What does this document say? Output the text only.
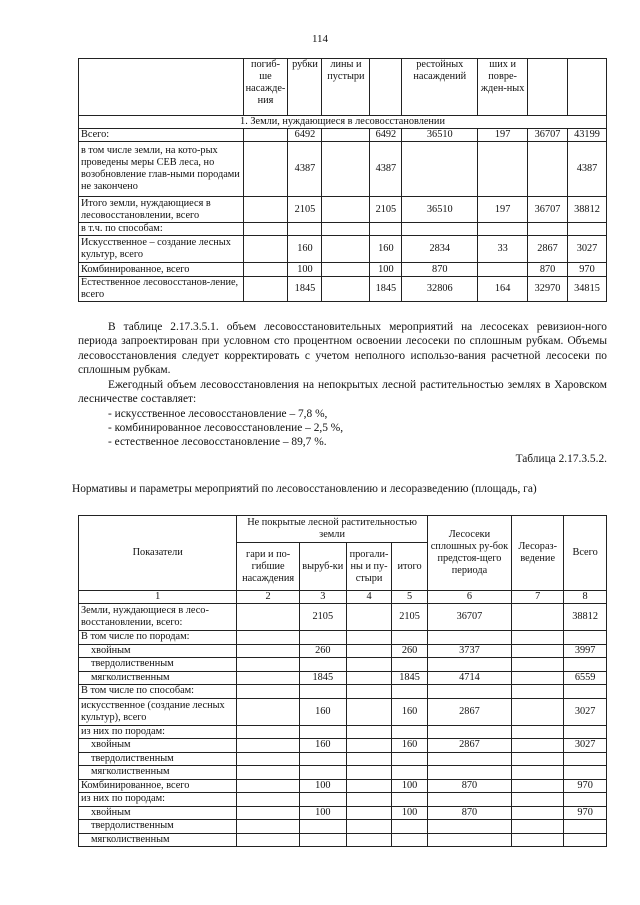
114
	погиб-ше насажде-ния	рубки	лины и пустыри		рестойных насаждений	ших и повре-жден-ных		
1. Земли, нуждающиеся в лесовосстановлении								
Всего:		6492		6492	36510	197	36707	43199
в том числе земли, на кото-рых проведены меры СЕВ леса, но возобновление глав-ными породами не закончено		4387		4387				4387
Итого земли, нуждающиеся в лесовосстановлении, всего		2105		2105	36510	197	36707	38812
в т.ч. по способам:								
Искусственное – создание лесных культур, всего		160		160	2834	33	2867	3027
Комбинированное, всего		100		100	870		870	970
Естественное лесовосстанов-ление, всего		1845		1845	32806	164	32970	34815
В таблице 2.17.3.5.1. объем лесовосстановительных мероприятий на лесосеках ревизион-ного периода запроектирован при условном сто процентном освоении лесосеки по сплошным рубкам. Объемы лесовосстановления следует корректировать с учетом неполного использо-вания расчетной лесосеки по сплошным рубкам.
Ежегодный объем лесовосстановления на непокрытых лесной растительностью землях в Харовском лесничестве составляет:
- искусственное лесовосстановление – 7,8 %,
- комбинированное лесовосстановление – 2,5 %,
- естественное лесовосстановление – 89,7 %.
Таблица 2.17.3.5.2.
Нормативы и параметры мероприятий по лесовосстановлению и лесоразведению (площадь, га)
Показатели	Не покрытые лесной растительностью земли				Лесосеки сплошных ру-бок предстоя-щего периода	Лесораз-ведение	Всего
	гари и по-гибшие насаждения	выруб-ки	прогали-ны и пу-стыри	итого			
1	2	3	4	5	6	7	8
Земли, нуждающиеся в лесо-восстановлении, всего:		2105		2105	36707		38812
В том числе по породам:							
хвойным		260		260	3737		3997
твердолиственным							
мягколиственным		1845		1845	4714		6559
В том числе по способам:							
искусственное (создание лесных культур), всего		160		160	2867		3027
из них по породам:							
хвойным		160		160	2867		3027
твердолиственным							
мягколиственным							
Комбинированное, всего		100		100	870		970
из них по породам:							
хвойным		100		100	870		970
твердолиственным							
мягколиственным							
